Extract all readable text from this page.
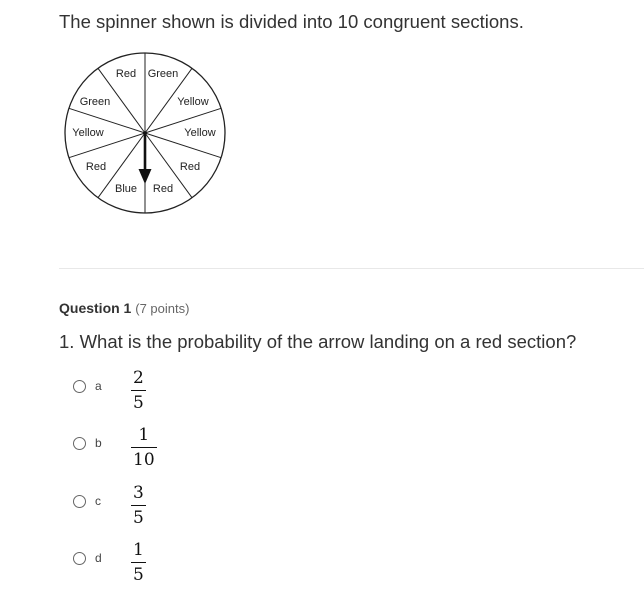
The spinner shown is divided into 10 congruent sections.

Red Green
Yellow
Yellow
Red
Red
Blue
Red
Yellow
Green
Question 1 (7 points)

1. What is the probability of the arrow landing on a red section?

a 2
5
b 1
10
c 3
5
d 1
5
